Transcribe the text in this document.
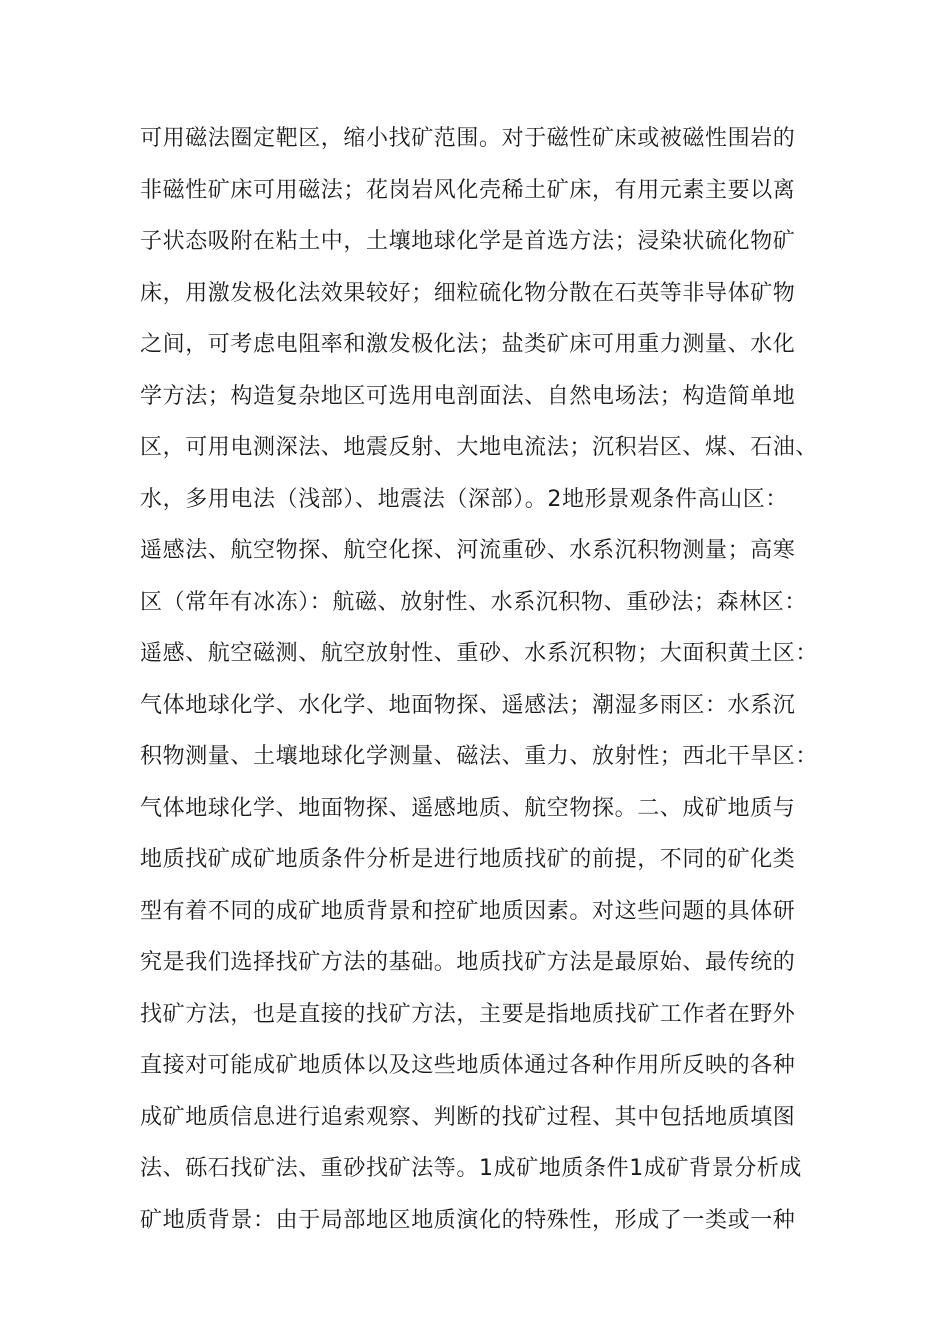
可用磁法圈定靶区，缩小找矿范围。对于磁性矿床或被磁性围岩的
非磁性矿床可用磁法；花岗岩风化壳稀土矿床，有用元素主要以离
子状态吸附在粘土中，土壤地球化学是首选方法；浸染状硫化物矿
床，用激发极化法效果较好；细粒硫化物分散在石英等非导体矿物
之间，可考虑电阻率和激发极化法；盐类矿床可用重力测量、水化
学方法；构造复杂地区可选用电剖面法、自然电场法；构造简单地
区，可用电测深法、地震反射、大地电流法；沉积岩区、煤、石油、
水，多用电法（浅部）、地震法（深部）。2地形景观条件高山区：
遥感法、航空物探、航空化探、河流重砂、水系沉积物测量；高寒
区（常年有冰冻）：航磁、放射性、水系沉积物、重砂法；森林区：
遥感、航空磁测、航空放射性、重砂、水系沉积物；大面积黄土区：
气体地球化学、水化学、地面物探、遥感法；潮湿多雨区：水系沉
积物测量、土壤地球化学测量、磁法、重力、放射性；西北干旱区：
气体地球化学、地面物探、遥感地质、航空物探。二、成矿地质与
地质找矿成矿地质条件分析是进行地质找矿的前提，不同的矿化类
型有着不同的成矿地质背景和控矿地质因素。对这些问题的具体研
究是我们选择找矿方法的基础。地质找矿方法是最原始、最传统的
找矿方法，也是直接的找矿方法，主要是指地质找矿工作者在野外
直接对可能成矿地质体以及这些地质体通过各种作用所反映的各种
成矿地质信息进行追索观察、判断的找矿过程、其中包括地质填图
法、砾石找矿法、重砂找矿法等。1成矿地质条件1成矿背景分析成
矿地质背景：由于局部地区地质演化的特殊性，形成了一类或一种
